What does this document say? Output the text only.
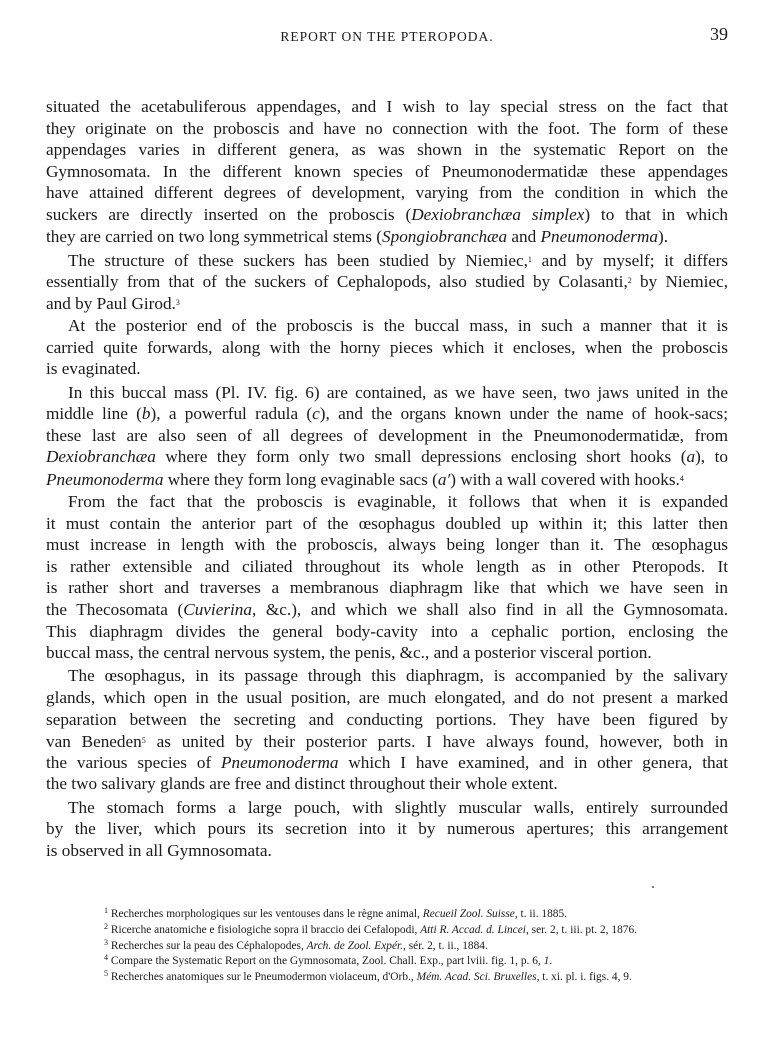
REPORT ON THE PTEROPODA.	39
situated the acetabuliferous appendages, and I wish to lay special stress on the fact that
they originate on the proboscis and have no connection with the foot. The form of these
appendages varies in different genera, as was shown in the systematic Report on the
Gymnosomata. In the different known species of Pneumonodermatidæ these appendages
have attained different degrees of development, varying from the condition in which the
suckers are directly inserted on the proboscis (Dexiobranchæa simplex) to that in which
they are carried on two long symmetrical stems (Spongiobranchæa and Pneumonoderma).
The structure of these suckers has been studied by Niemiec,$^1$ and by myself; it differs
essentially from that of the suckers of Cephalopods, also studied by Colasanti,$^2$ by Niemiec,
and by Paul Girod.$^3$
At the posterior end of the proboscis is the buccal mass, in such a manner that it is
carried quite forwards, along with the horny pieces which it encloses, when the proboscis
is evaginated.
In this buccal mass (Pl. IV. fig. 6) are contained, as we have seen, two jaws united in the
middle line (b), a powerful radula (c), and the organs known under the name of hook-sacs;
these last are also seen of all degrees of development in the Pneumonodermatidæ, from
Dexiobranchæa where they form only two small depressions enclosing short hooks (a), to
Pneumonoderma where they form long evaginable sacs (a′) with a wall covered with hooks.$^4$
From the fact that the proboscis is evaginable, it follows that when it is expanded
it must contain the anterior part of the œsophagus doubled up within it; this latter then
must increase in length with the proboscis, always being longer than it. The œsophagus
is rather extensible and ciliated throughout its whole length as in other Pteropods. It
is rather short and traverses a membranous diaphragm like that which we have seen in
the Thecosomata (Cuvierina, &c.), and which we shall also find in all the Gymnosomata.
This diaphragm divides the general body-cavity into a cephalic portion, enclosing the
buccal mass, the central nervous system, the penis, &c., and a posterior visceral portion.
The œsophagus, in its passage through this diaphragm, is accompanied by the salivary
glands, which open in the usual position, are much elongated, and do not present a marked
separation between the secreting and conducting portions. They have been figured by
van Beneden$^5$ as united by their posterior parts. I have always found, however, both in
the various species of Pneumonoderma which I have examined, and in other genera, that
the two salivary glands are free and distinct throughout their whole extent.
The stomach forms a large pouch, with slightly muscular walls, entirely surrounded
by the liver, which pours its secretion into it by numerous apertures; this arrangement
is observed in all Gymnosomata.
$^1$ Recherches morphologiques sur les ventouses dans le règne animal, Recueil Zool. Suisse, t. ii. 1885.
$^2$ Ricerche anatomiche e fisiologiche sopra il braccio dei Cefalopodi, Atti R. Accad. d. Lincei, ser. 2, t. iii. pt. 2, 1876.
$^3$ Recherches sur la peau des Céphalopodes, Arch. de Zool. Expér., sér. 2, t. ii., 1884.
$^4$ Compare the Systematic Report on the Gymnosomata, Zool. Chall. Exp., part lviii. fig. 1, p. 6, 1.
$^5$ Recherches anatomiques sur le Pneumodermon violaceum, d'Orb., Mém. Acad. Sci. Bruxelles, t. xi. pl. i. figs. 4, 9.
